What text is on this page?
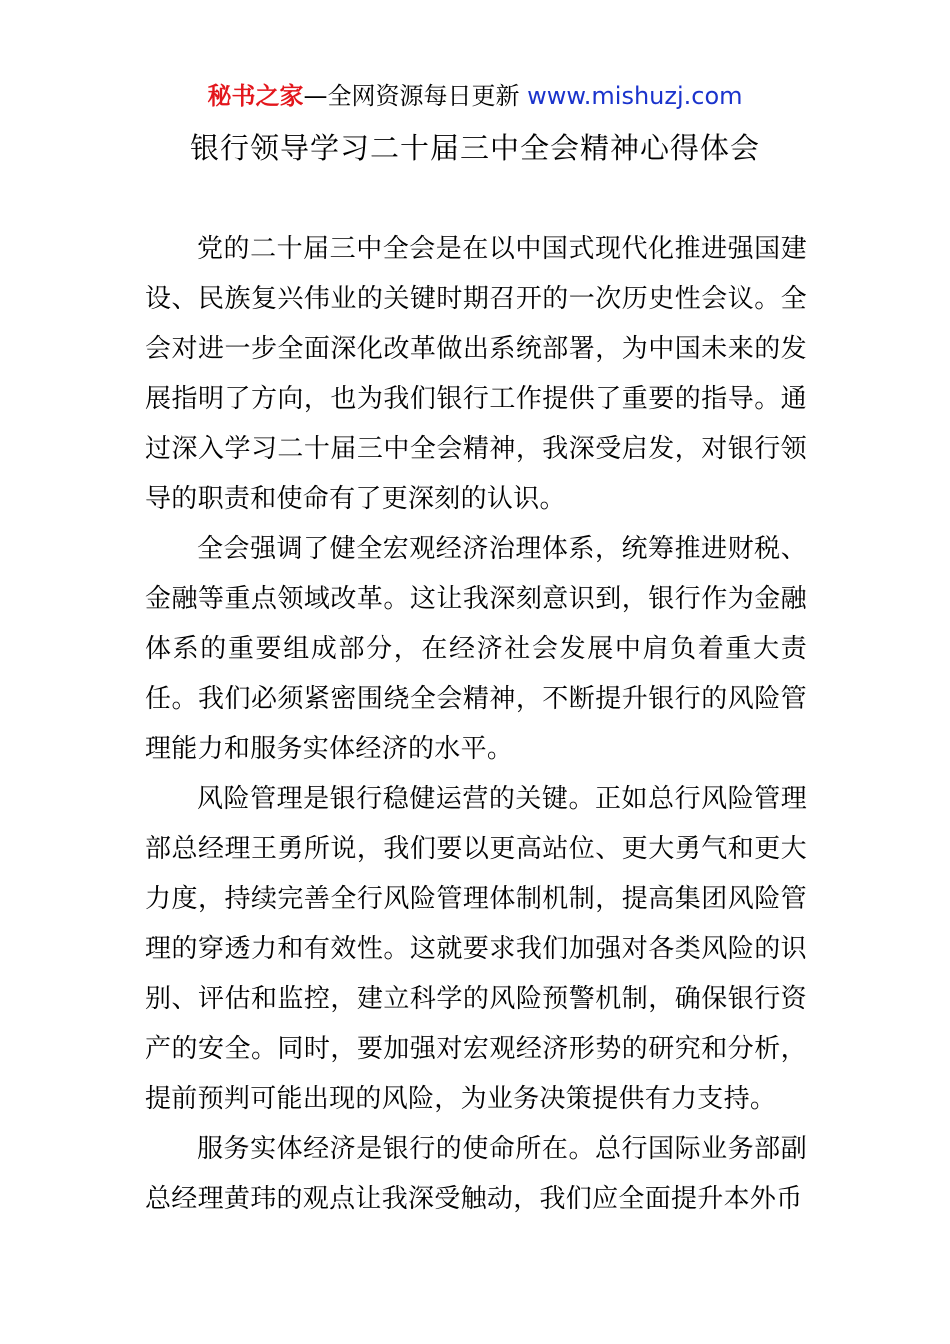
秘书之家—全网资源每日更新 www.mishuzj.com
银行领导学习二十届三中全会精神心得体会

党的二十届三中全会是在以中国式现代化推进强国建设、民族复兴伟业的关键时期召开的一次历史性会议。全会对进一步全面深化改革做出系统部署，为中国未来的发展指明了方向，也为我们银行工作提供了重要的指导。通过深入学习二十届三中全会精神，我深受启发，对银行领导的职责和使命有了更深刻的认识。

全会强调了健全宏观经济治理体系，统筹推进财税、金融等重点领域改革。这让我深刻意识到，银行作为金融体系的重要组成部分，在经济社会发展中肩负着重大责任。我们必须紧密围绕全会精神，不断提升银行的风险管理能力和服务实体经济的水平。

风险管理是银行稳健运营的关键。正如总行风险管理部总经理王勇所说，我们要以更高站位、更大勇气和更大力度，持续完善全行风险管理体制机制，提高集团风险管理的穿透力和有效性。这就要求我们加强对各类风险的识别、评估和监控，建立科学的风险预警机制，确保银行资产的安全。同时，要加强对宏观经济形势的研究和分析，提前预判可能出现的风险，为业务决策提供有力支持。

服务实体经济是银行的使命所在。总行国际业务部副总经理黄玮的观点让我深受触动，我们应全面提升本外币
